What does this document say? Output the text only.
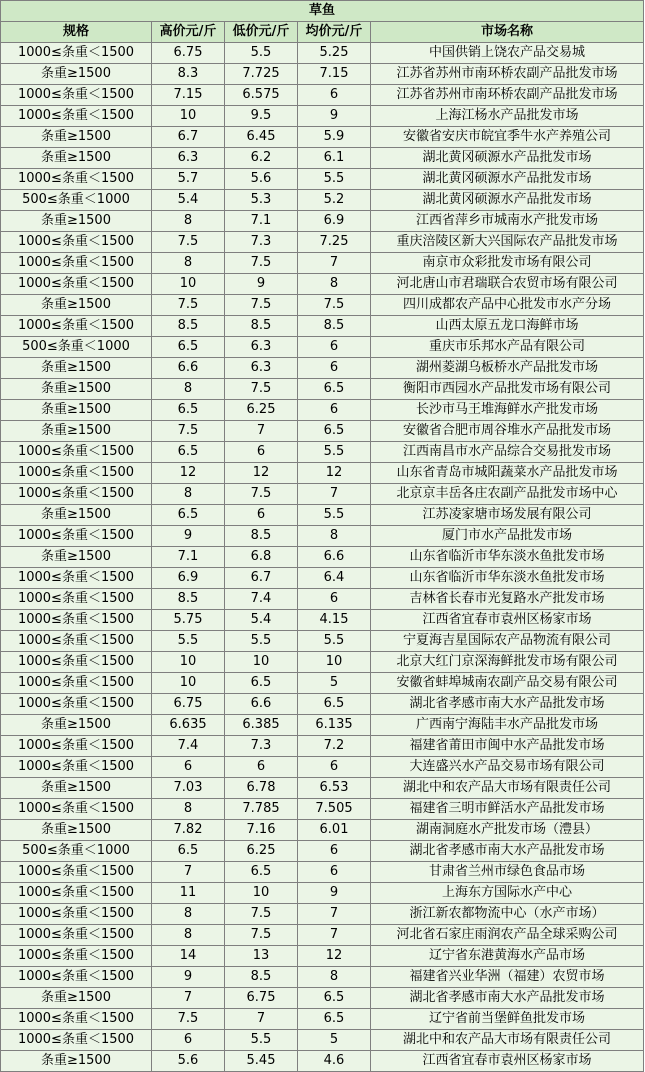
草鱼				
规格	高价元/斤	低价元/斤	均价元/斤	市场名称
1000≤条重＜1500	6.75	5.5	5.25	中国供销上饶农产品交易城
条重≥1500	8.3	7.725	7.15	江苏省苏州市南环桥农副产品批发市场
1000≤条重＜1500	7.15	6.575	6	江苏省苏州市南环桥农副产品批发市场
1000≤条重＜1500	10	9.5	9	上海江杨水产品批发市场
条重≥1500	6.7	6.45	5.9	安徽省安庆市皖宜季牛水产养殖公司
条重≥1500	6.3	6.2	6.1	湖北黄冈硕源水产品批发市场
1000≤条重＜1500	5.7	5.6	5.5	湖北黄冈硕源水产品批发市场
500≤条重＜1000	5.4	5.3	5.2	湖北黄冈硕源水产品批发市场
条重≥1500	8	7.1	6.9	江西省萍乡市城南水产批发市场
1000≤条重＜1500	7.5	7.3	7.25	重庆涪陵区新大兴国际农产品批发市场
1000≤条重＜1500	8	7.5	7	南京市众彩批发市场有限公司
1000≤条重＜1500	10	9	8	河北唐山市君瑞联合农贸市场有限公司
条重≥1500	7.5	7.5	7.5	四川成都农产品中心批发市水产分场
1000≤条重＜1500	8.5	8.5	8.5	山西太原五龙口海鲜市场
500≤条重＜1000	6.5	6.3	6	重庆市乐邦水产品有限公司
条重≥1500	6.6	6.3	6	湖州菱湖乌板桥水产品批发市场
条重≥1500	8	7.5	6.5	衡阳市西园水产品批发市场有限公司
条重≥1500	6.5	6.25	6	长沙市马王堆海鲜水产批发市场
条重≥1500	7.5	7	6.5	安徽省合肥市周谷堆水产品批发市场
1000≤条重＜1500	6.5	6	5.5	江西南昌市水产品综合交易批发市场
1000≤条重＜1500	12	12	12	山东省青岛市城阳蔬菜水产品批发市场
1000≤条重＜1500	8	7.5	7	北京京丰岳各庄农副产品批发市场中心
条重≥1500	6.5	6	5.5	江苏凌家塘市场发展有限公司
1000≤条重＜1500	9	8.5	8	厦门市水产品批发市场
条重≥1500	7.1	6.8	6.6	山东省临沂市华东淡水鱼批发市场
1000≤条重＜1500	6.9	6.7	6.4	山东省临沂市华东淡水鱼批发市场
1000≤条重＜1500	8.5	7.4	6	吉林省长春市光复路水产批发市场
1000≤条重＜1500	5.75	5.4	4.15	江西省宜春市袁州区杨家市场
1000≤条重＜1500	5.5	5.5	5.5	宁夏海吉星国际农产品物流有限公司
1000≤条重＜1500	10	10	10	北京大红门京深海鲜批发市场有限公司
1000≤条重＜1500	10	6.5	5	安徽省蚌埠城南农副产品交易有限公司
1000≤条重＜1500	6.75	6.6	6.5	湖北省孝感市南大水产品批发市场
条重≥1500	6.635	6.385	6.135	广西南宁海陆丰水产品批发市场
1000≤条重＜1500	7.4	7.3	7.2	福建省莆田市闽中水产品批发市场
1000≤条重＜1500	6	6	6	大连盛兴水产品交易市场有限公司
条重≥1500	7.03	6.78	6.53	湖北中和农产品大市场有限责任公司
1000≤条重＜1500	8	7.785	7.505	福建省三明市鲜活水产品批发市场
条重≥1500	7.82	7.16	6.01	湖南洞庭水产批发市场（澧县）
500≤条重＜1000	6.5	6.25	6	湖北省孝感市南大水产品批发市场
1000≤条重＜1500	7	6.5	6	甘肃省兰州市绿色食品市场
1000≤条重＜1500	11	10	9	上海东方国际水产中心
1000≤条重＜1500	8	7.5	7	浙江新农都物流中心（水产市场）
1000≤条重＜1500	8	7.5	7	河北省石家庄雨润农产品全球采购公司
1000≤条重＜1500	14	13	12	辽宁省东港黄海水产品市场
1000≤条重＜1500	9	8.5	8	福建省兴业华洲（福建）农贸市场
条重≥1500	7	6.75	6.5	湖北省孝感市南大水产品批发市场
1000≤条重＜1500	7.5	7	6.5	辽宁省前当堡鲜鱼批发市场
1000≤条重＜1500	6	5.5	5	湖北中和农产品大市场有限责任公司
条重≥1500	5.6	5.45	4.6	江西省宜春市袁州区杨家市场
